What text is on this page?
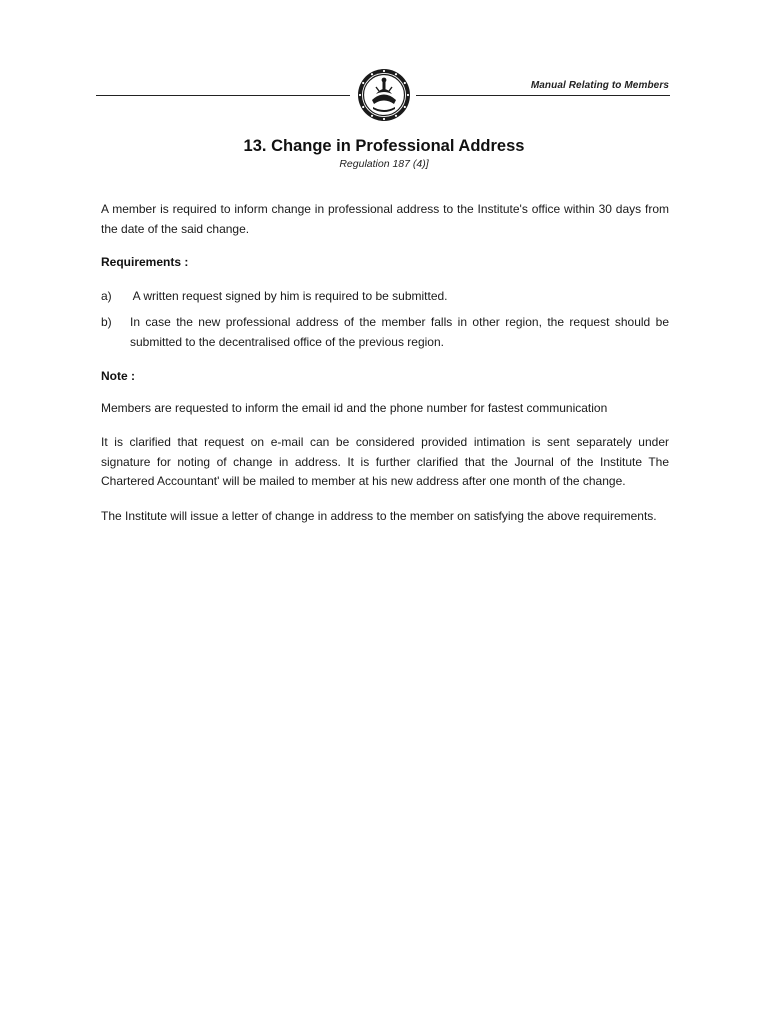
Manual Relating to Members
13. Change in Professional Address
Regulation 187 (4)]
A member is required to inform change in professional address to the Institute's office within 30 days from the date of the said change.
Requirements :
a) A written request signed by him is required to be submitted.
b) In case the new professional address of the member falls in other region, the request should be submitted to the decentralised office of the previous region.
Note :
Members are requested to inform the email id and the phone number for fastest communication
It is clarified that request on e-mail can be considered provided intimation is sent separately under signature for noting of change in address. It is further clarified that the Journal of the Institute The Chartered Accountant' will be mailed to member at his new address after one month of the change.
The Institute will issue a letter of change in address to the member on satisfying the above requirements.
